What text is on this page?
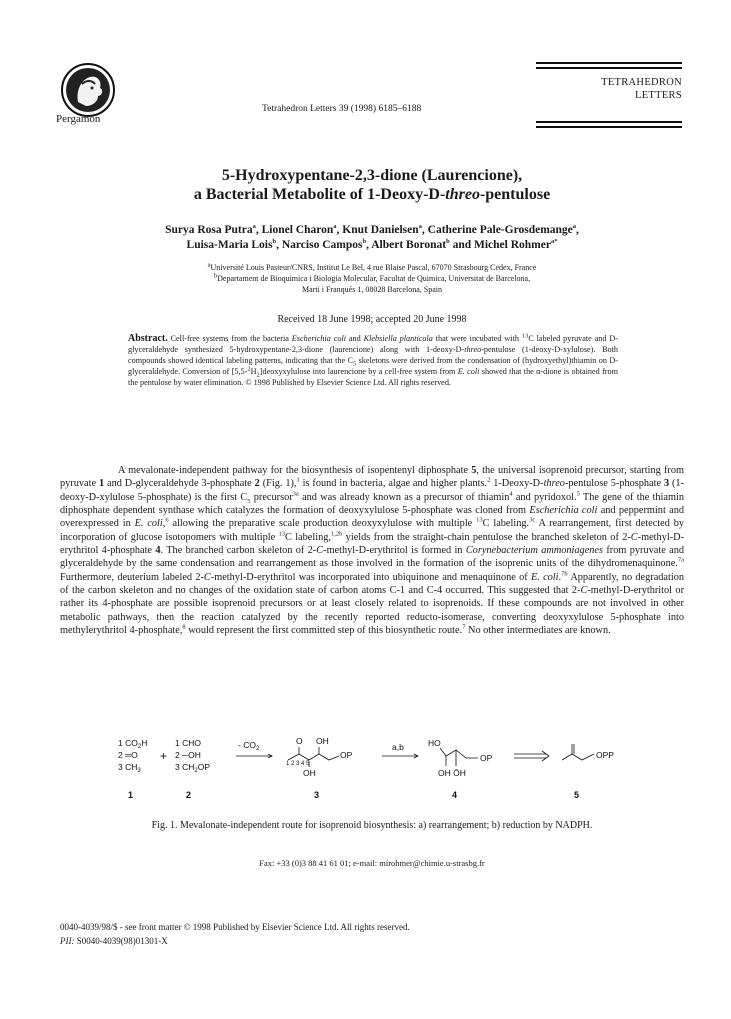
Pergamon
Tetrahedron Letters 39 (1998) 6185–6188
TETRAHEDRON
LETTERS
5-Hydroxypentane-2,3-dione (Laurencione),
a Bacterial Metabolite of 1-Deoxy-D-threo-pentulose
Surya Rosa Putra$^a$, Lionel Charon$^a$, Knut Danielsen$^a$, Catherine Pale-Grosdemange$^a$,
Luisa-Maria Lois$^b$, Narciso Campos$^b$, Albert Boronat$^b$ and Michel Rohmer$^{a*}$
$^a$Université Louis Pasteur/CNRS, Institut Le Bel, 4 rue Blaise Pascal, 67070 Strasbourg Cedex, France
$^b$Departament de Bioquimica i Biologia Molecular, Facultat de Quimica, Universitat de Barcelona,
Marti i Franqués 1, 08028 Barcelona, Spain
Received 18 June 1998; accepted 20 June 1998
Abstract. Cell-free systems from the bacteria Escherichia coli and Klebsiella planticola that were incubated with $^{13}$C labeled pyruvate and D-glyceraldehyde synthesized 5-hydroxypentane-2,3-dione (laurencione) along with 1-deoxy-D-threo-pentulose (1-deoxy-D-xylulose). Both compounds showed identical labeling patterns, indicating that the $C_5$ skeletons were derived from the condensation of (hydroxyethyl)thiamin on D-glyceraldehyde. Conversion of $[5,5-^2H_2]deoxyxylulose$ into laurencione by a cell-free system from E. coli showed that the α-dione is obtained from the pentulose by water elimination. © 1998 Published by Elsevier Science Ltd. All rights reserved.
A mevalonate-independent pathway for the biosynthesis of isopentenyl diphosphate 5, the universal isoprenoid precursor, starting from pyruvate 1 and D-glyceraldehyde 3-phosphate 2 (Fig. 1),$^1$ is found in bacteria, algae and higher plants.$^2$ 1-Deoxy-D-threo-pentulose 5-phosphate 3 (1-deoxy-D-xylulose 5-phosphate) is the first $C_5$ precursor$^{3a}$ and was already known as a precursor of thiamin$^4$ and pyridoxol.$^5$ The gene of the thiamin diphosphate dependent synthase which catalyzes the formation of deoxyxylulose 5-phosphate was cloned from Escherichia coli and peppermint and overexpressed in E. coli,$^6$ allowing the preparative scale production deoxyxylulose with multiple $^{13}$C labeling.$^{3c}$ A rearrangement, first detected by incorporation of glucose isotopomers with multiple $^{13}$C labeling,$^{1,2b}$ yields from the straight-chain pentulose the branched skeleton of 2-C-methyl-D-erythritol 4-phosphate 4. The branched carbon skeleton of 2-C-methyl-D-erythritol is formed in Corynebacterium ammoniagenes from pyruvate and glyceraldehyde by the same condensation and rearrangement as those involved in the formation of the isoprenic units of the dihydromenaquinone.$^{7a}$ Furthermore, deuterium labeled 2-C-methyl-D-erythritol was incorporated into ubiquinone and menaquinone of E. coli.$^{7b}$ Apparently, no degradation of the carbon skeleton and no changes of the oxidation state of carbon atoms C-1 and C-4 occurred. This suggested that 2-C-methyl-D-erythritol or rather its 4-phosphate are possible isoprenoid precursors or at least closely related to isoprenoids. If these compounds are not involved in other metabolic pathways, then the reaction catalyzed by the recently reported reducto-isomerase, converting deoxyxylulose 5-phosphate into methylerythritol 4-phosphate,$^8$ would represent the first committed step of this biosynthetic route.$^7$ No other intermediates are known.
1 $CO_2H$
2 ═O
3 $CH_3$
+
1 CHO
2 ─OH
3 $CH_2OP$
- $CO_2$
O OH
1 2 3 4 5
OP
OH
a,b	HO
OP
OH ŌH
OPP
1	2	3	4	5
Fig. 1. Mevalonate-independent route for isoprenoid biosynthesis: a) rearrangement; b) reduction by NADPH.
Fax: +33 (0)3 88 41 61 01; e-mail: mirohmer@chimie.u-strasbg.fr
0040-4039/98/$ - see front matter © 1998 Published by Elsevier Science Ltd. All rights reserved.
PII: S0040-4039(98)01301-X
